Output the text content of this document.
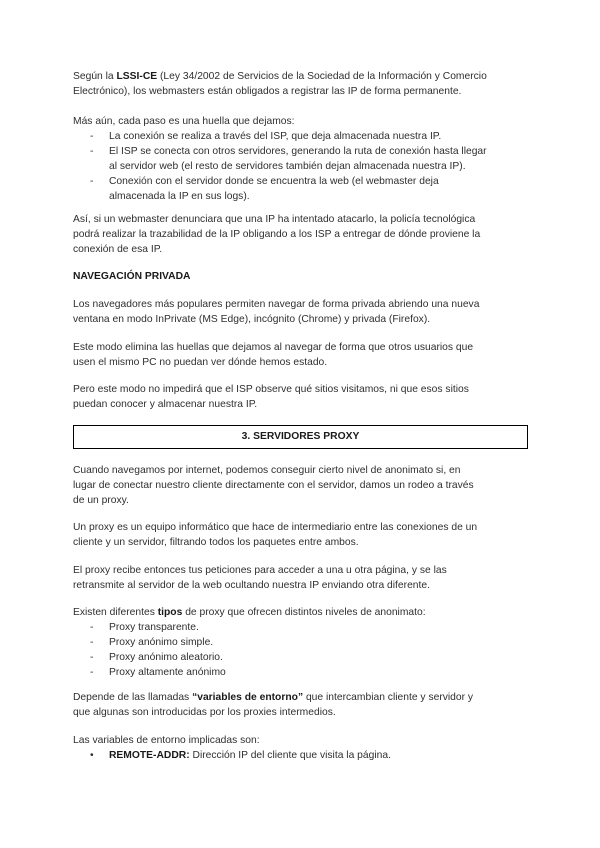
Según la LSSI-CE (Ley 34/2002 de Servicios de la Sociedad de la Información y Comercio
Electrónico), los webmasters están obligados a registrar las IP de forma permanente.
Más aún, cada paso es una huella que dejamos:
- La conexión se realiza a través del ISP, que deja almacenada nuestra IP.
- El ISP se conecta con otros servidores, generando la ruta de conexión hasta llegar
al servidor web (el resto de servidores también dejan almacenada nuestra IP).
- Conexión con el servidor donde se encuentra la web (el webmaster deja
almacenada la IP en sus logs).
Así, si un webmaster denunciara que una IP ha intentado atacarlo, la policía tecnológica
podrá realizar la trazabilidad de la IP obligando a los ISP a entregar de dónde proviene la
conexión de esa IP.
NAVEGACIÓN PRIVADA
Los navegadores más populares permiten navegar de forma privada abriendo una nueva
ventana en modo InPrivate (MS Edge), incógnito (Chrome) y privada (Firefox).
Este modo elimina las huellas que dejamos al navegar de forma que otros usuarios que
usen el mismo PC no puedan ver dónde hemos estado.
Pero este modo no impedirá que el ISP observe qué sitios visitamos, ni que esos sitios
puedan conocer y almacenar nuestra IP.
3. SERVIDORES PROXY
Cuando navegamos por internet, podemos conseguir cierto nivel de anonimato si, en
lugar de conectar nuestro cliente directamente con el servidor, damos un rodeo a través
de un proxy.
Un proxy es un equipo informático que hace de intermediario entre las conexiones de un
cliente y un servidor, filtrando todos los paquetes entre ambos.
El proxy recibe entonces tus peticiones para acceder a una u otra página, y se las
retransmite al servidor de la web ocultando nuestra IP enviando otra diferente.
Existen diferentes tipos de proxy que ofrecen distintos niveles de anonimato:
- Proxy transparente.
- Proxy anónimo simple.
- Proxy anónimo aleatorio.
- Proxy altamente anónimo
Depende de las llamadas “variables de entorno” que intercambian cliente y servidor y
que algunas son introducidas por los proxies intermedios.
Las variables de entorno implicadas son:
• REMOTE-ADDR: Dirección IP del cliente que visita la página.
